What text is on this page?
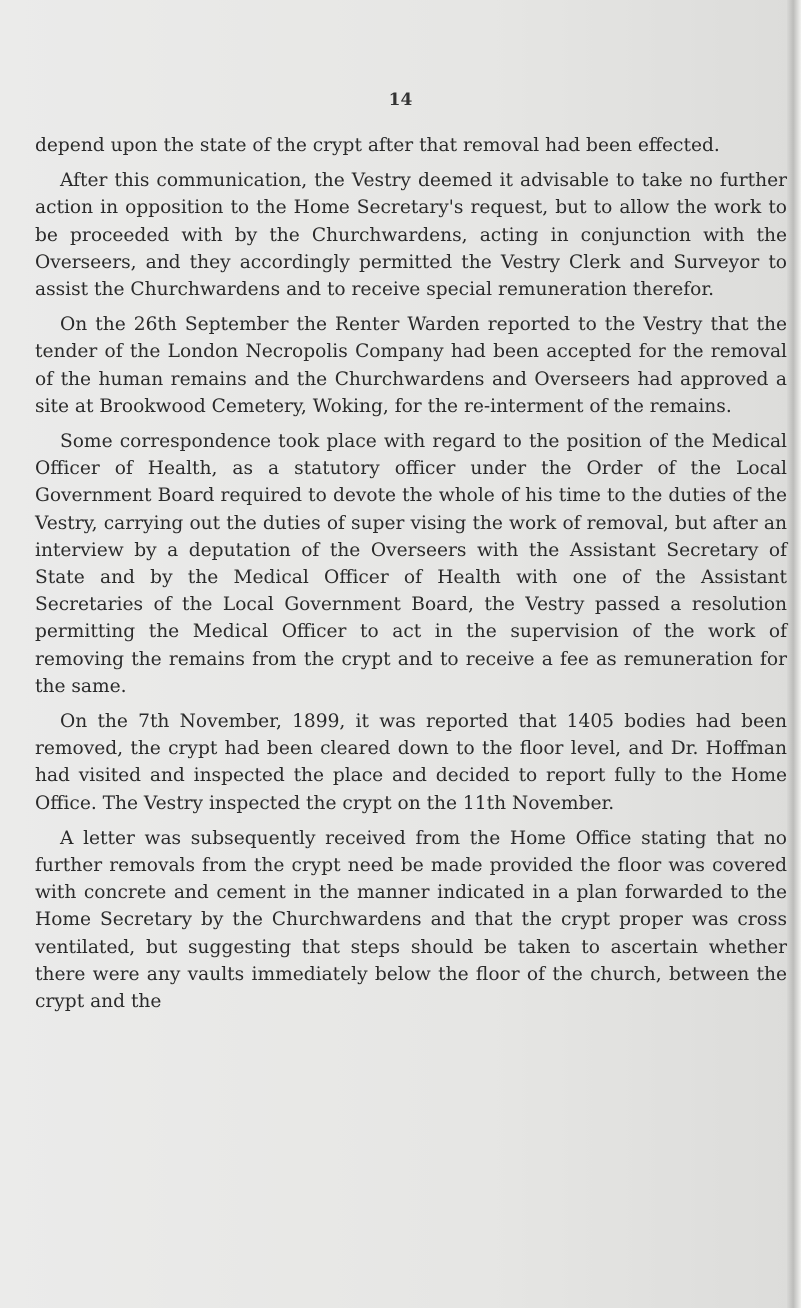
14

depend upon the state of the crypt after that removal had been effected.

After this communication, the Vestry deemed it advisable to take no further action in opposition to the Home Secretary's request, but to allow the work to be proceeded with by the Churchwardens, acting in conjunction with the Overseers, and they accordingly permitted the Vestry Clerk and Surveyor to assist the Churchwardens and to receive special remuneration therefor.

On the 26th September the Renter Warden reported to the Vestry that the tender of the London Necropolis Company had been accepted for the removal of the human remains and the Churchwardens and Overseers had approved a site at Brookwood Cemetery, Woking, for the re-interment of the remains.

Some correspondence took place with regard to the position of the Medical Officer of Health, as a statutory officer under the Order of the Local Government Board required to devote the whole of his time to the duties of the Vestry, carrying out the duties of super vising the work of removal, but after an interview by a deputation of the Overseers with the Assistant Secretary of State and by the Medical Officer of Health with one of the Assistant Secretaries of the Local Government Board, the Vestry passed a resolution permitting the Medical Officer to act in the supervision of the work of removing the remains from the crypt and to receive a fee as remuneration for the same.

On the 7th November, 1899, it was reported that 1405 bodies had been removed, the crypt had been cleared down to the floor level, and Dr. Hoffman had visited and inspected the place and decided to report fully to the Home Office. The Vestry inspected the crypt on the 11th November.

A letter was subsequently received from the Home Office stating that no further removals from the crypt need be made provided the floor was covered with concrete and cement in the manner indicated in a plan forwarded to the Home Secretary by the Churchwardens and that the crypt proper was cross ventilated, but suggesting that steps should be taken to ascertain whether there were any vaults immediately below the floor of the church, between the crypt and the
